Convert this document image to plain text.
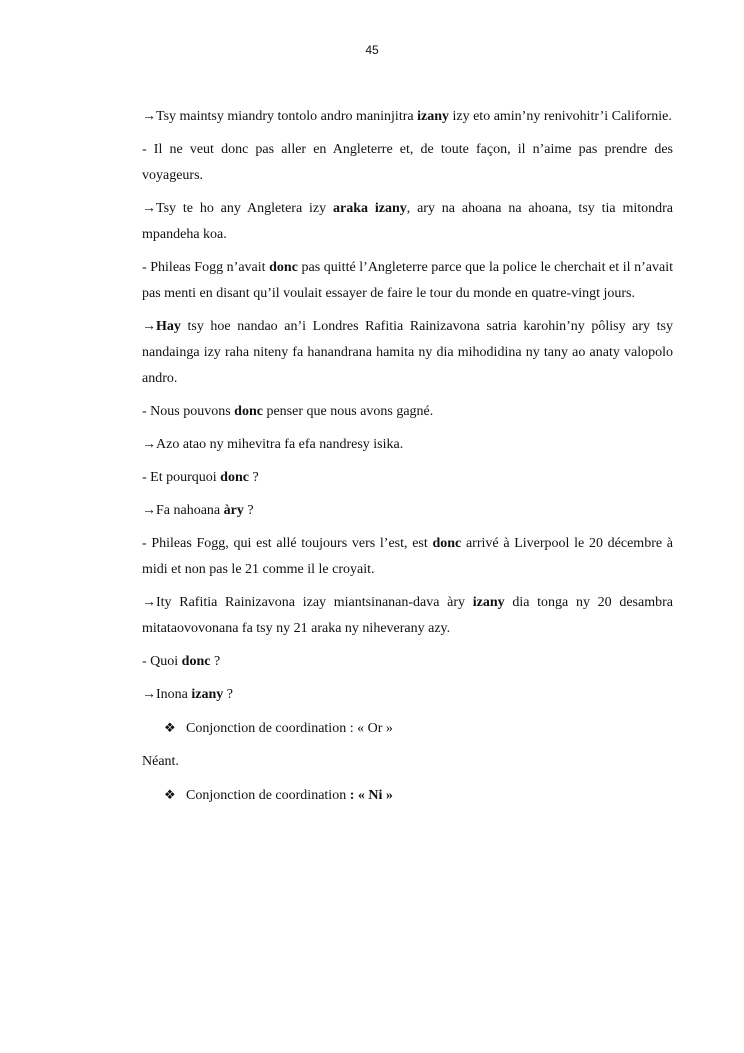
45

→Tsy maintsy miandry tontolo andro maninjitra izany izy eto amin’ny renivohitr’i Californie.

- Il ne veut donc pas aller en Angleterre et, de toute façon, il n’aime pas prendre des voyageurs.

→Tsy te ho any Angletera izy araka izany, ary na ahoana na ahoana, tsy tia mitondra mpandeha koa.

- Phileas Fogg n’avait donc pas quitté l’Angleterre parce que la police le cherchait et il n’avait pas menti en disant qu’il voulait essayer de faire le tour du monde en quatre-vingt jours.

→Hay tsy hoe nandao an’i Londres Rafitia Rainizavona satria karohin’ny pôlisy ary tsy nandainga izy raha niteny fa hanandrana hamita ny dia mihodidina ny tany ao anaty valopolo andro.

- Nous pouvons donc penser que nous avons gagné.

→Azo atao ny mihevitra fa efa nandresy isika.

- Et pourquoi donc ?

→Fa nahoana àry ?

- Phileas Fogg, qui est allé toujours vers l’est, est donc arrivé à Liverpool le 20 décembre à midi et non pas le 21 comme il le croyait.

→Ity Rafitia Rainizavona izay miantsinanan-dava àry izany dia tonga ny 20 desambra mitataovovonana fa tsy ny 21 araka ny niheverany azy.

- Quoi donc ?

→Inona izany ?

❖ Conjonction de coordination : « Or »

Néant.

❖ Conjonction de coordination : « Ni »
